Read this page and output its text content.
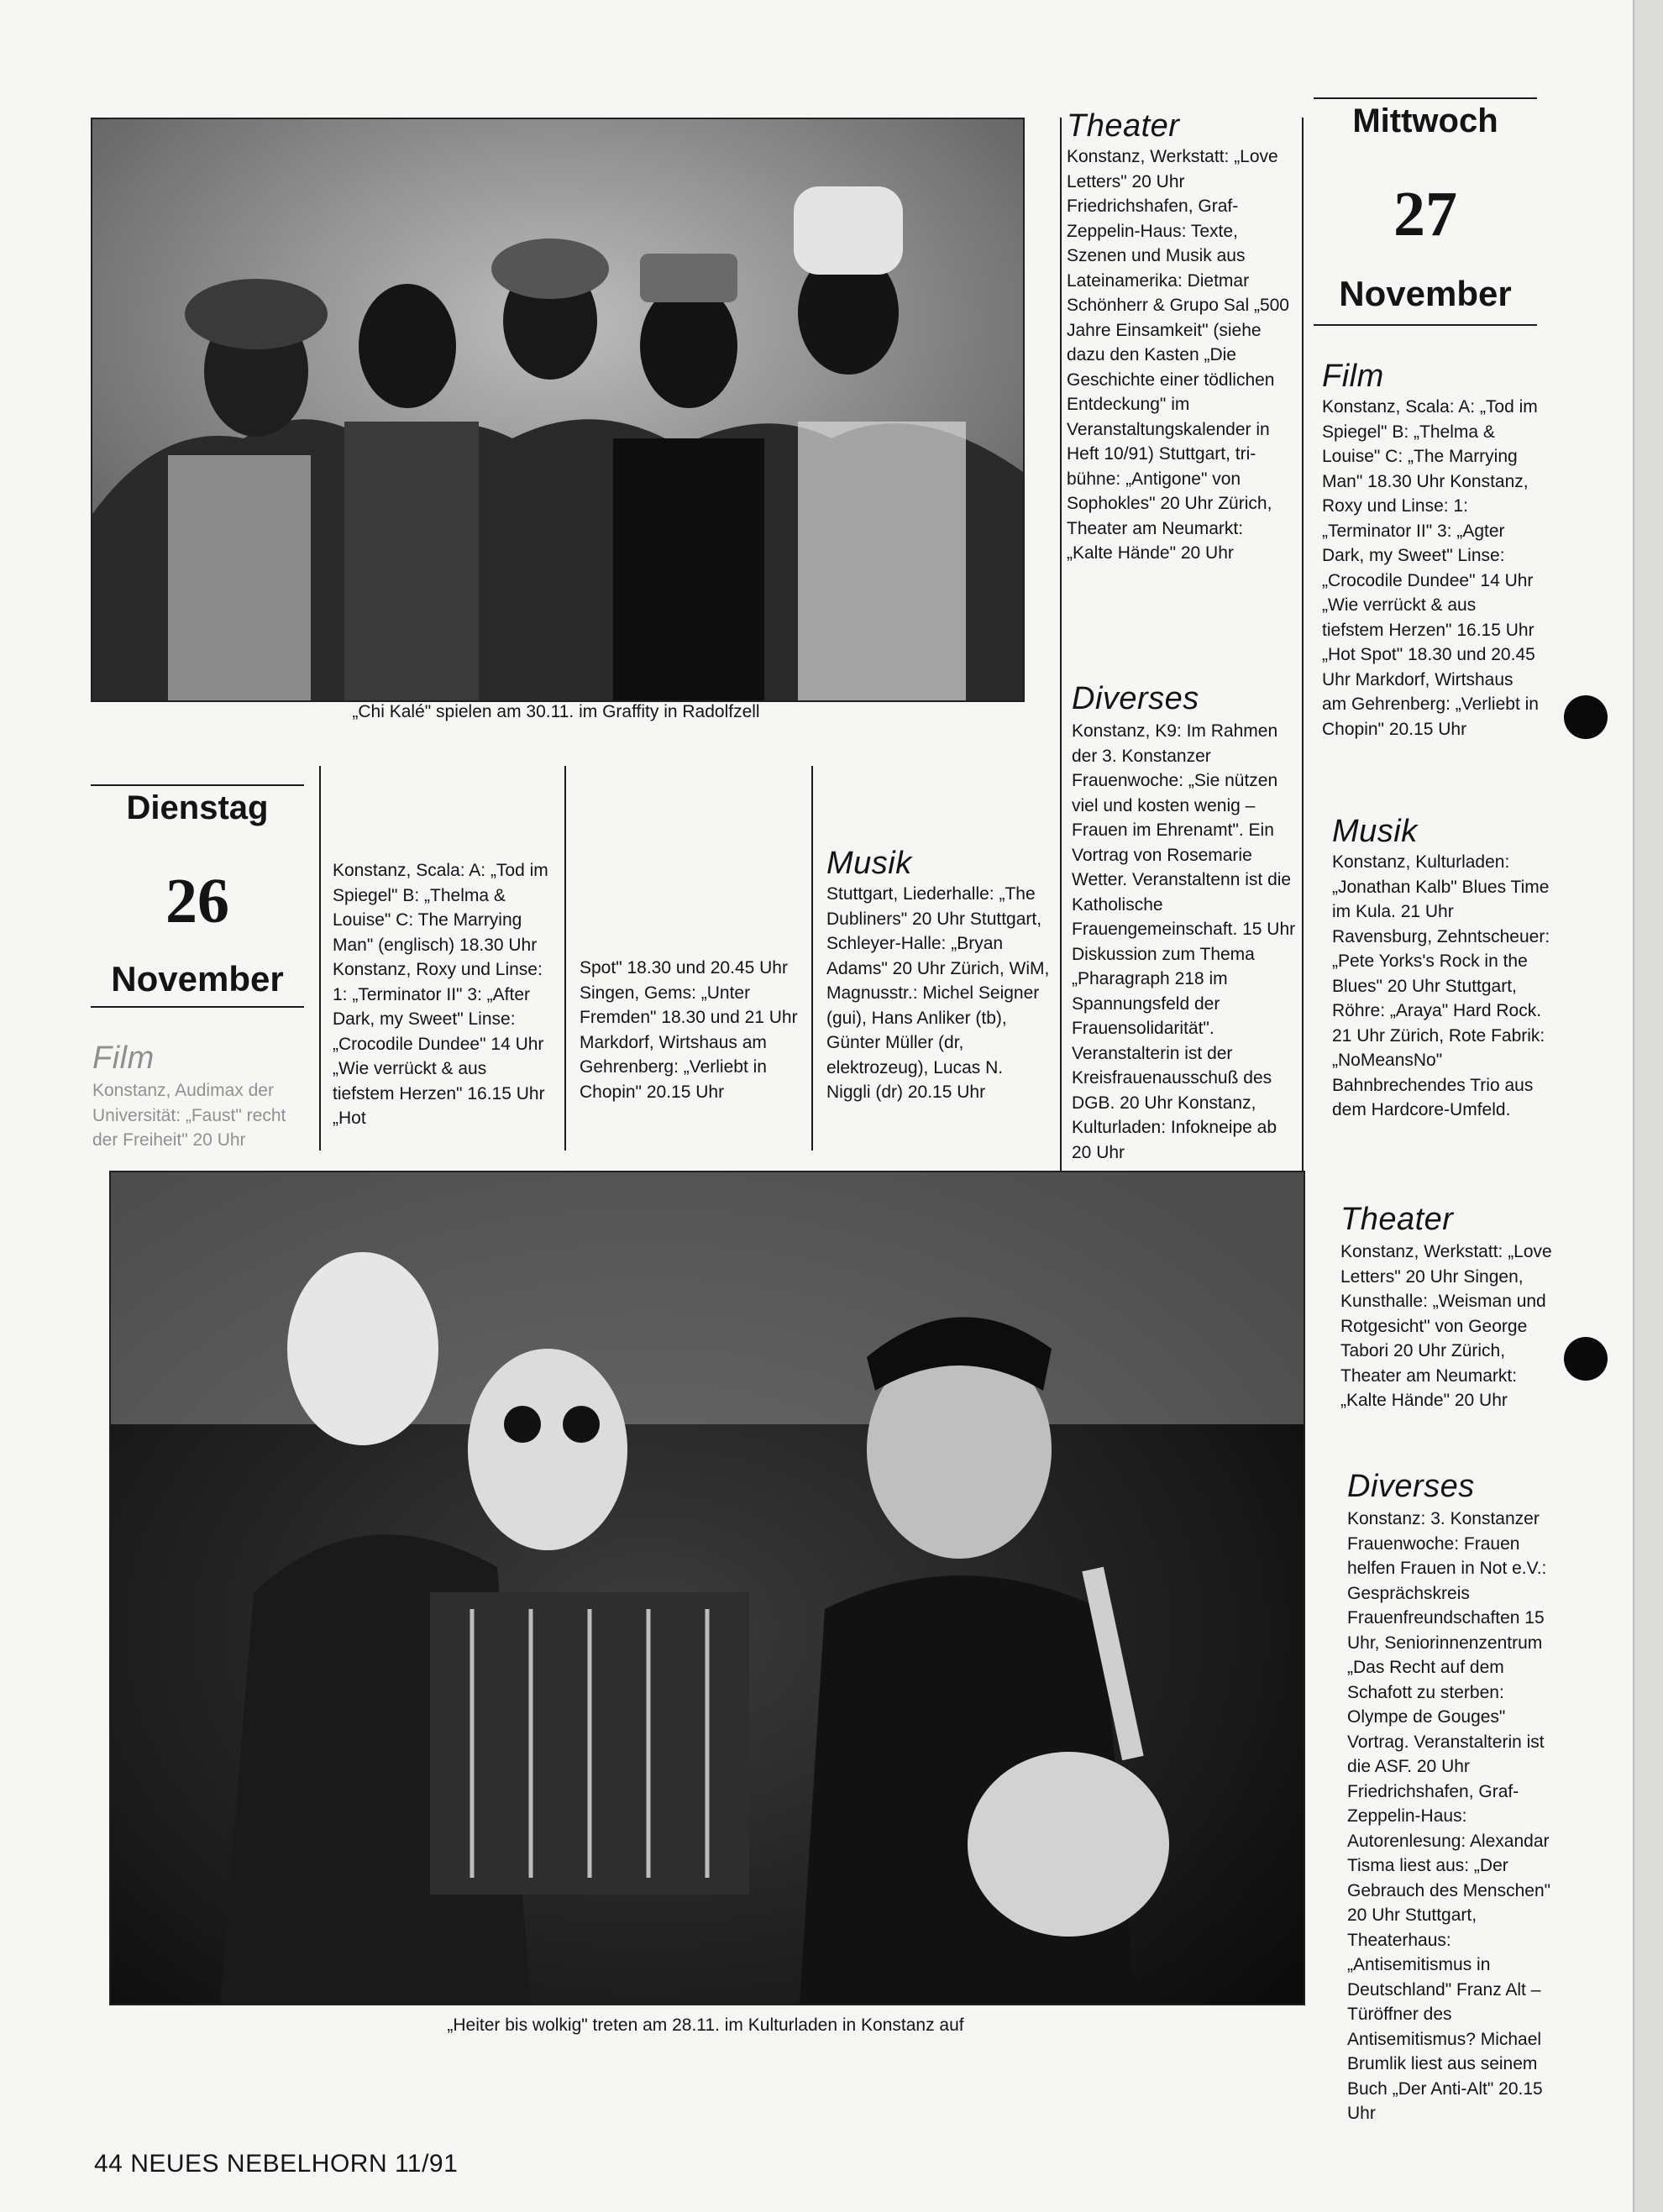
„Chi Kalé" spielen am 30.11. im Graffity in Radolfzell
Dienstag
26
November
Film
Konstanz, Audimax der Universität: „Faust" recht der Freiheit" 20 Uhr
Konstanz, Scala: A: „Tod im Spiegel" B: „Thelma & Louise" C: The Marrying Man" (englisch) 18.30 Uhr Konstanz, Roxy und Linse: 1: „Terminator II" 3: „After Dark, my Sweet" Linse: „Crocodile Dundee" 14 Uhr „Wie verrückt & aus tiefstem Herzen" 16.15 Uhr „Hot
Spot" 18.30 und 20.45 Uhr Singen, Gems: „Unter Fremden" 18.30 und 21 Uhr Markdorf, Wirtshaus am Gehrenberg: „Verliebt in Chopin" 20.15 Uhr
Musik
Stuttgart, Liederhalle: „The Dubliners" 20 Uhr Stuttgart, Schleyer-Halle: „Bryan Adams" 20 Uhr Zürich, WiM, Magnusstr.: Michel Seigner (gui), Hans Anliker (tb), Günter Müller (dr, elektrozeug), Lucas N. Niggli (dr) 20.15 Uhr
Theater
Konstanz, Werkstatt: „Love Letters" 20 Uhr Friedrichshafen, Graf-Zeppelin-Haus: Texte, Szenen und Musik aus Lateinamerika: Dietmar Schönherr & Grupo Sal „500 Jahre Einsamkeit" (siehe dazu den Kasten „Die Geschichte einer tödlichen Entdeckung" im Veranstaltungskalender in Heft 10/91) Stuttgart, tri-bühne: „Antigone" von Sophokles" 20 Uhr Zürich, Theater am Neumarkt: „Kalte Hände" 20 Uhr
Diverses
Konstanz, K9: Im Rahmen der 3. Konstanzer Frauenwoche: „Sie nützen viel und kosten wenig – Frauen im Ehrenamt". Ein Vortrag von Rosemarie Wetter. Veranstaltenn ist die Katholische Frauengemeinschaft. 15 Uhr Diskussion zum Thema „Pharagraph 218 im Spannungsfeld der Frauensolidarität". Veranstalterin ist der Kreisfrauenausschuß des DGB. 20 Uhr Konstanz, Kulturladen: Infokneipe ab 20 Uhr
Mittwoch
27
November
Film
Konstanz, Scala: A: „Tod im Spiegel" B: „Thelma & Louise" C: „The Marrying Man" 18.30 Uhr Konstanz, Roxy und Linse: 1: „Terminator II" 3: „Agter Dark, my Sweet" Linse: „Crocodile Dundee" 14 Uhr „Wie verrückt & aus tiefstem Herzen" 16.15 Uhr „Hot Spot" 18.30 und 20.45 Uhr Markdorf, Wirtshaus am Gehrenberg: „Verliebt in Chopin" 20.15 Uhr
Musik
Konstanz, Kulturladen: „Jonathan Kalb" Blues Time im Kula. 21 Uhr Ravensburg, Zehntscheuer: „Pete Yorks's Rock in the Blues" 20 Uhr Stuttgart, Röhre: „Araya" Hard Rock. 21 Uhr Zürich, Rote Fabrik: „NoMeansNo" Bahnbrechendes Trio aus dem Hardcore-Umfeld.
Theater
Konstanz, Werkstatt: „Love Letters" 20 Uhr Singen, Kunsthalle: „Weisman und Rotgesicht" von George Tabori 20 Uhr Zürich, Theater am Neumarkt: „Kalte Hände" 20 Uhr
Diverses
Konstanz: 3. Konstanzer Frauenwoche: Frauen helfen Frauen in Not e.V.: Gesprächskreis Frauenfreundschaften 15 Uhr, Seniorinnenzentrum „Das Recht auf dem Schafott zu sterben: Olympe de Gouges" Vortrag. Veranstalterin ist die ASF. 20 Uhr Friedrichshafen, Graf-Zeppelin-Haus: Autorenlesung: Alexandar Tisma liest aus: „Der Gebrauch des Menschen" 20 Uhr Stuttgart, Theaterhaus: „Antisemitismus in Deutschland" Franz Alt – Türöffner des Antisemitismus? Michael Brumlik liest aus seinem Buch „Der Anti-Alt" 20.15 Uhr
„Heiter bis wolkig" treten am 28.11. im Kulturladen in Konstanz auf
44 NEUES NEBELHORN 11/91
